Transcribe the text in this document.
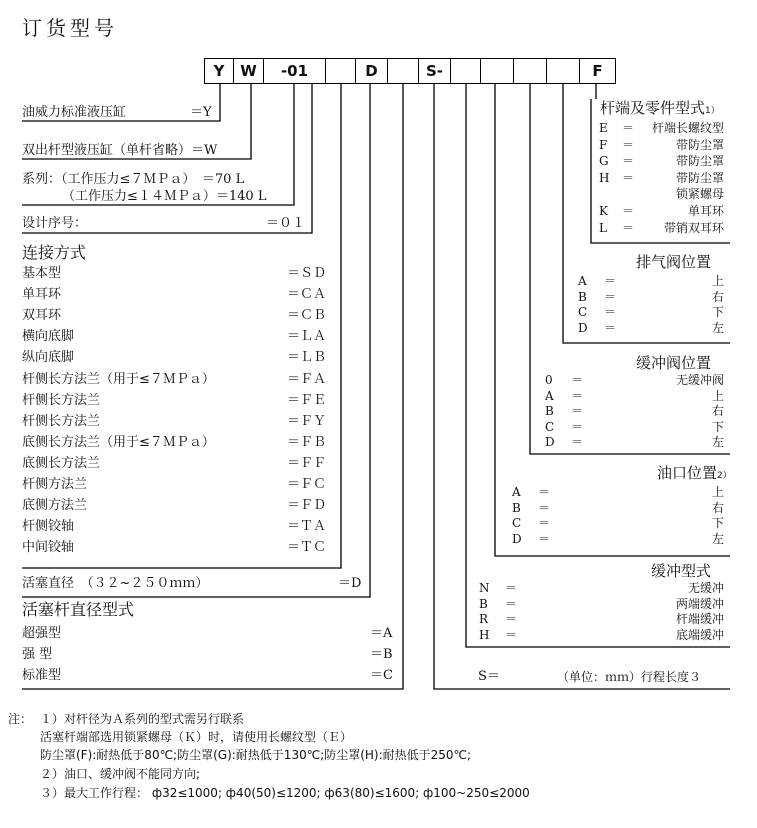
订货型号
Y	W	-01	D	S-	F
油威力标准液压缸	＝Y
双出杆型液压缸（单杆省略）＝W
系列：（工作压力≤７ＭＰａ）　＝70 L
（工作压力≤１４ＭＰａ）＝140 L
设计序号：	＝０１
连接方式
基本型	＝ＳＤ
单耳环	＝ＣＡ
双耳环	＝ＣＢ
横向底脚	＝ＬＡ
纵向底脚	＝ＬＢ
杆侧长方法兰（用于≤７ＭＰａ）	＝ＦＡ
杆侧长方法兰	＝ＦＥ
杆侧长方法兰	＝ＦＹ
底侧长方法兰（用于≤７ＭＰａ）	＝ＦＢ
底侧长方法兰	＝ＦＦ
杆侧方法兰	＝ＦＣ
底侧方法兰	＝ＦＤ
杆侧铰轴	＝ＴＡ
中间铰轴	＝ＴＣ
活塞直径　（３２~２５０ｍｍ）	＝D
活塞杆直径型式
超强型	＝A
强 型	＝B
标准型	＝C
杆端及零件型式1）
E ＝ 杆端长螺纹型
F ＝	带防尘罩
G ＝	带防尘罩
H ＝	带防尘罩
锁紧螺母
K ＝	单耳环
L ＝ 带销双耳环
排气阀位置
A ＝	上
B ＝	右
C ＝	下
D ＝	左
缓冲阀位置
0 ＝	无缓冲阀
A ＝	上
B ＝	右
C ＝	下
D ＝	左
油口位置2）
A ＝	上
B ＝	右
C ＝	下
D ＝	左
缓冲型式
N ＝	无缓冲
B ＝	两端缓冲
R ＝	杆端缓冲
H ＝	底端缓冲
S＝	（单位：ｍｍ）行程长度３
注： １）对杆径为Ａ系列的型式需另行联系
活塞杆端部选用锁紧螺母（Ｋ）时，请使用长螺纹型（Ｅ）
防尘罩(F):耐热低于80℃;防尘罩(G):耐热低于130℃;防尘罩(H):耐热低于250℃;
２）油口、缓冲阀不能同方向;
３）最大工作行程： ф32≤1000; ф40(50)≤1200; ф63(80)≤1600; ф100~250≤2000
